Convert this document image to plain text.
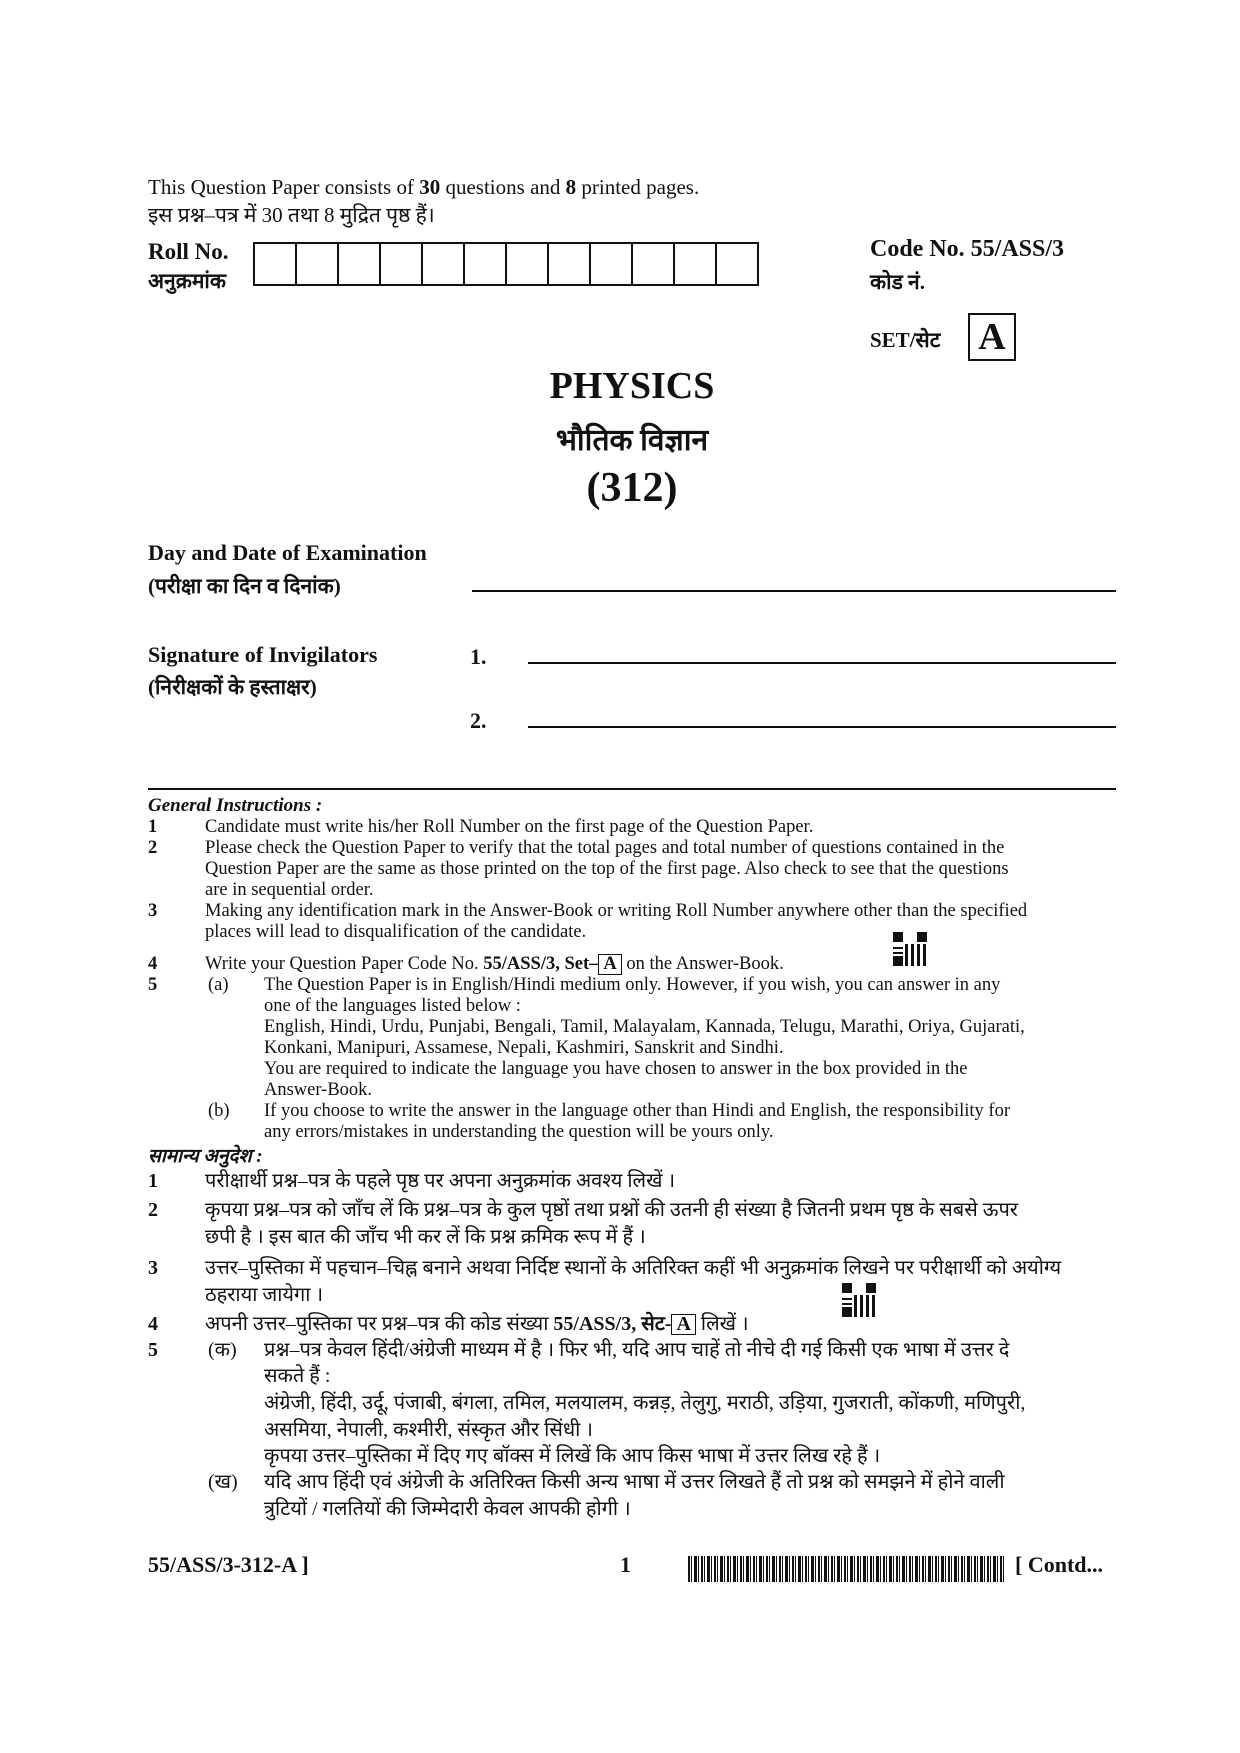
This Question Paper consists of 30 questions and 8 printed pages.
इस प्रश्न–पत्र में 30 तथा 8 मुद्रित पृष्ठ हैं।
Roll No.
अनुक्रमांक
Code No. 55/ASS/3
कोड नं.
SET/सेट A
PHYSICS
भौतिक विज्ञान
(312)
Day and Date of Examination
(परीक्षा का दिन व दिनांक)
Signature of Invigilators
(निरीक्षकों के हस्ताक्षर)
1.
2.
General Instructions :
1	Candidate must write his/her Roll Number on the first page of the Question Paper.
2	Please check the Question Paper to verify that the total pages and total number of questions contained in the
Question Paper are the same as those printed on the top of the first page. Also check to see that the questions
are in sequential order.
3	Making any identification mark in the Answer-Book or writing Roll Number anywhere other than the specified
places will lead to disqualification of the candidate.
4	Write your Question Paper Code No. 55/ASS/3, Set– A on the Answer-Book.
5	(a) The Question Paper is in English/Hindi medium only. However, if you wish, you can answer in any
one of the languages listed below :
English, Hindi, Urdu, Punjabi, Bengali, Tamil, Malayalam, Kannada, Telugu, Marathi, Oriya, Gujarati,
Konkani, Manipuri, Assamese, Nepali, Kashmiri, Sanskrit and Sindhi.
You are required to indicate the language you have chosen to answer in the box provided in the
Answer-Book.
(b) If you choose to write the answer in the language other than Hindi and English, the responsibility for
any errors/mistakes in understanding the question will be yours only.
सामान्य अनुदेश :
1 परीक्षार्थी प्रश्न–पत्र के पहले पृष्ठ पर अपना अनुक्रमांक अवश्य लिखें ।
2 कृपया प्रश्न–पत्र को जाँच लें कि प्रश्न–पत्र के कुल पृष्ठों तथा प्रश्नों की उतनी ही संख्या है जितनी प्रथम पृष्ठ के सबसे ऊपर
छपी है । इस बात की जाँच भी कर लें कि प्रश्न क्रमिक रूप में हैं ।
3 उत्तर–पुस्तिका में पहचान–चिह्न बनाने अथवा निर्दिष्ट स्थानों के अतिरिक्त कहीं भी अनुक्रमांक लिखने पर परीक्षार्थी को अयोग्य
ठहराया जायेगा ।
4 अपनी उत्तर–पुस्तिका पर प्रश्न–पत्र की कोड संख्या 55/ASS/3, सेट- A लिखें ।
5	(क) प्रश्न–पत्र केवल हिंदी/अंग्रेजी माध्यम में है । फिर भी, यदि आप चाहें तो नीचे दी गई किसी एक भाषा में उत्तर दे
सकते हैं :
अंग्रेजी, हिंदी, उर्दू, पंजाबी, बंगला, तमिल, मलयालम, कन्नड़, तेलुगु, मराठी, उड़िया, गुजराती, कोंकणी, मणिपुरी,
असमिया, नेपाली, कश्मीरी, संस्कृत और सिंधी ।
कृपया उत्तर–पुस्तिका में दिए गए बॉक्स में लिखें कि आप किस भाषा में उत्तर लिख रहे हैं ।
(ख) यदि आप हिंदी एवं अंग्रेजी के अतिरिक्त किसी अन्य भाषा में उत्तर लिखते हैं तो प्रश्न को समझने में होने वाली
त्रुटियों / गलतियों की जिम्मेदारी केवल आपकी होगी ।
55/ASS/3-312-A ]	1	[ Contd...
